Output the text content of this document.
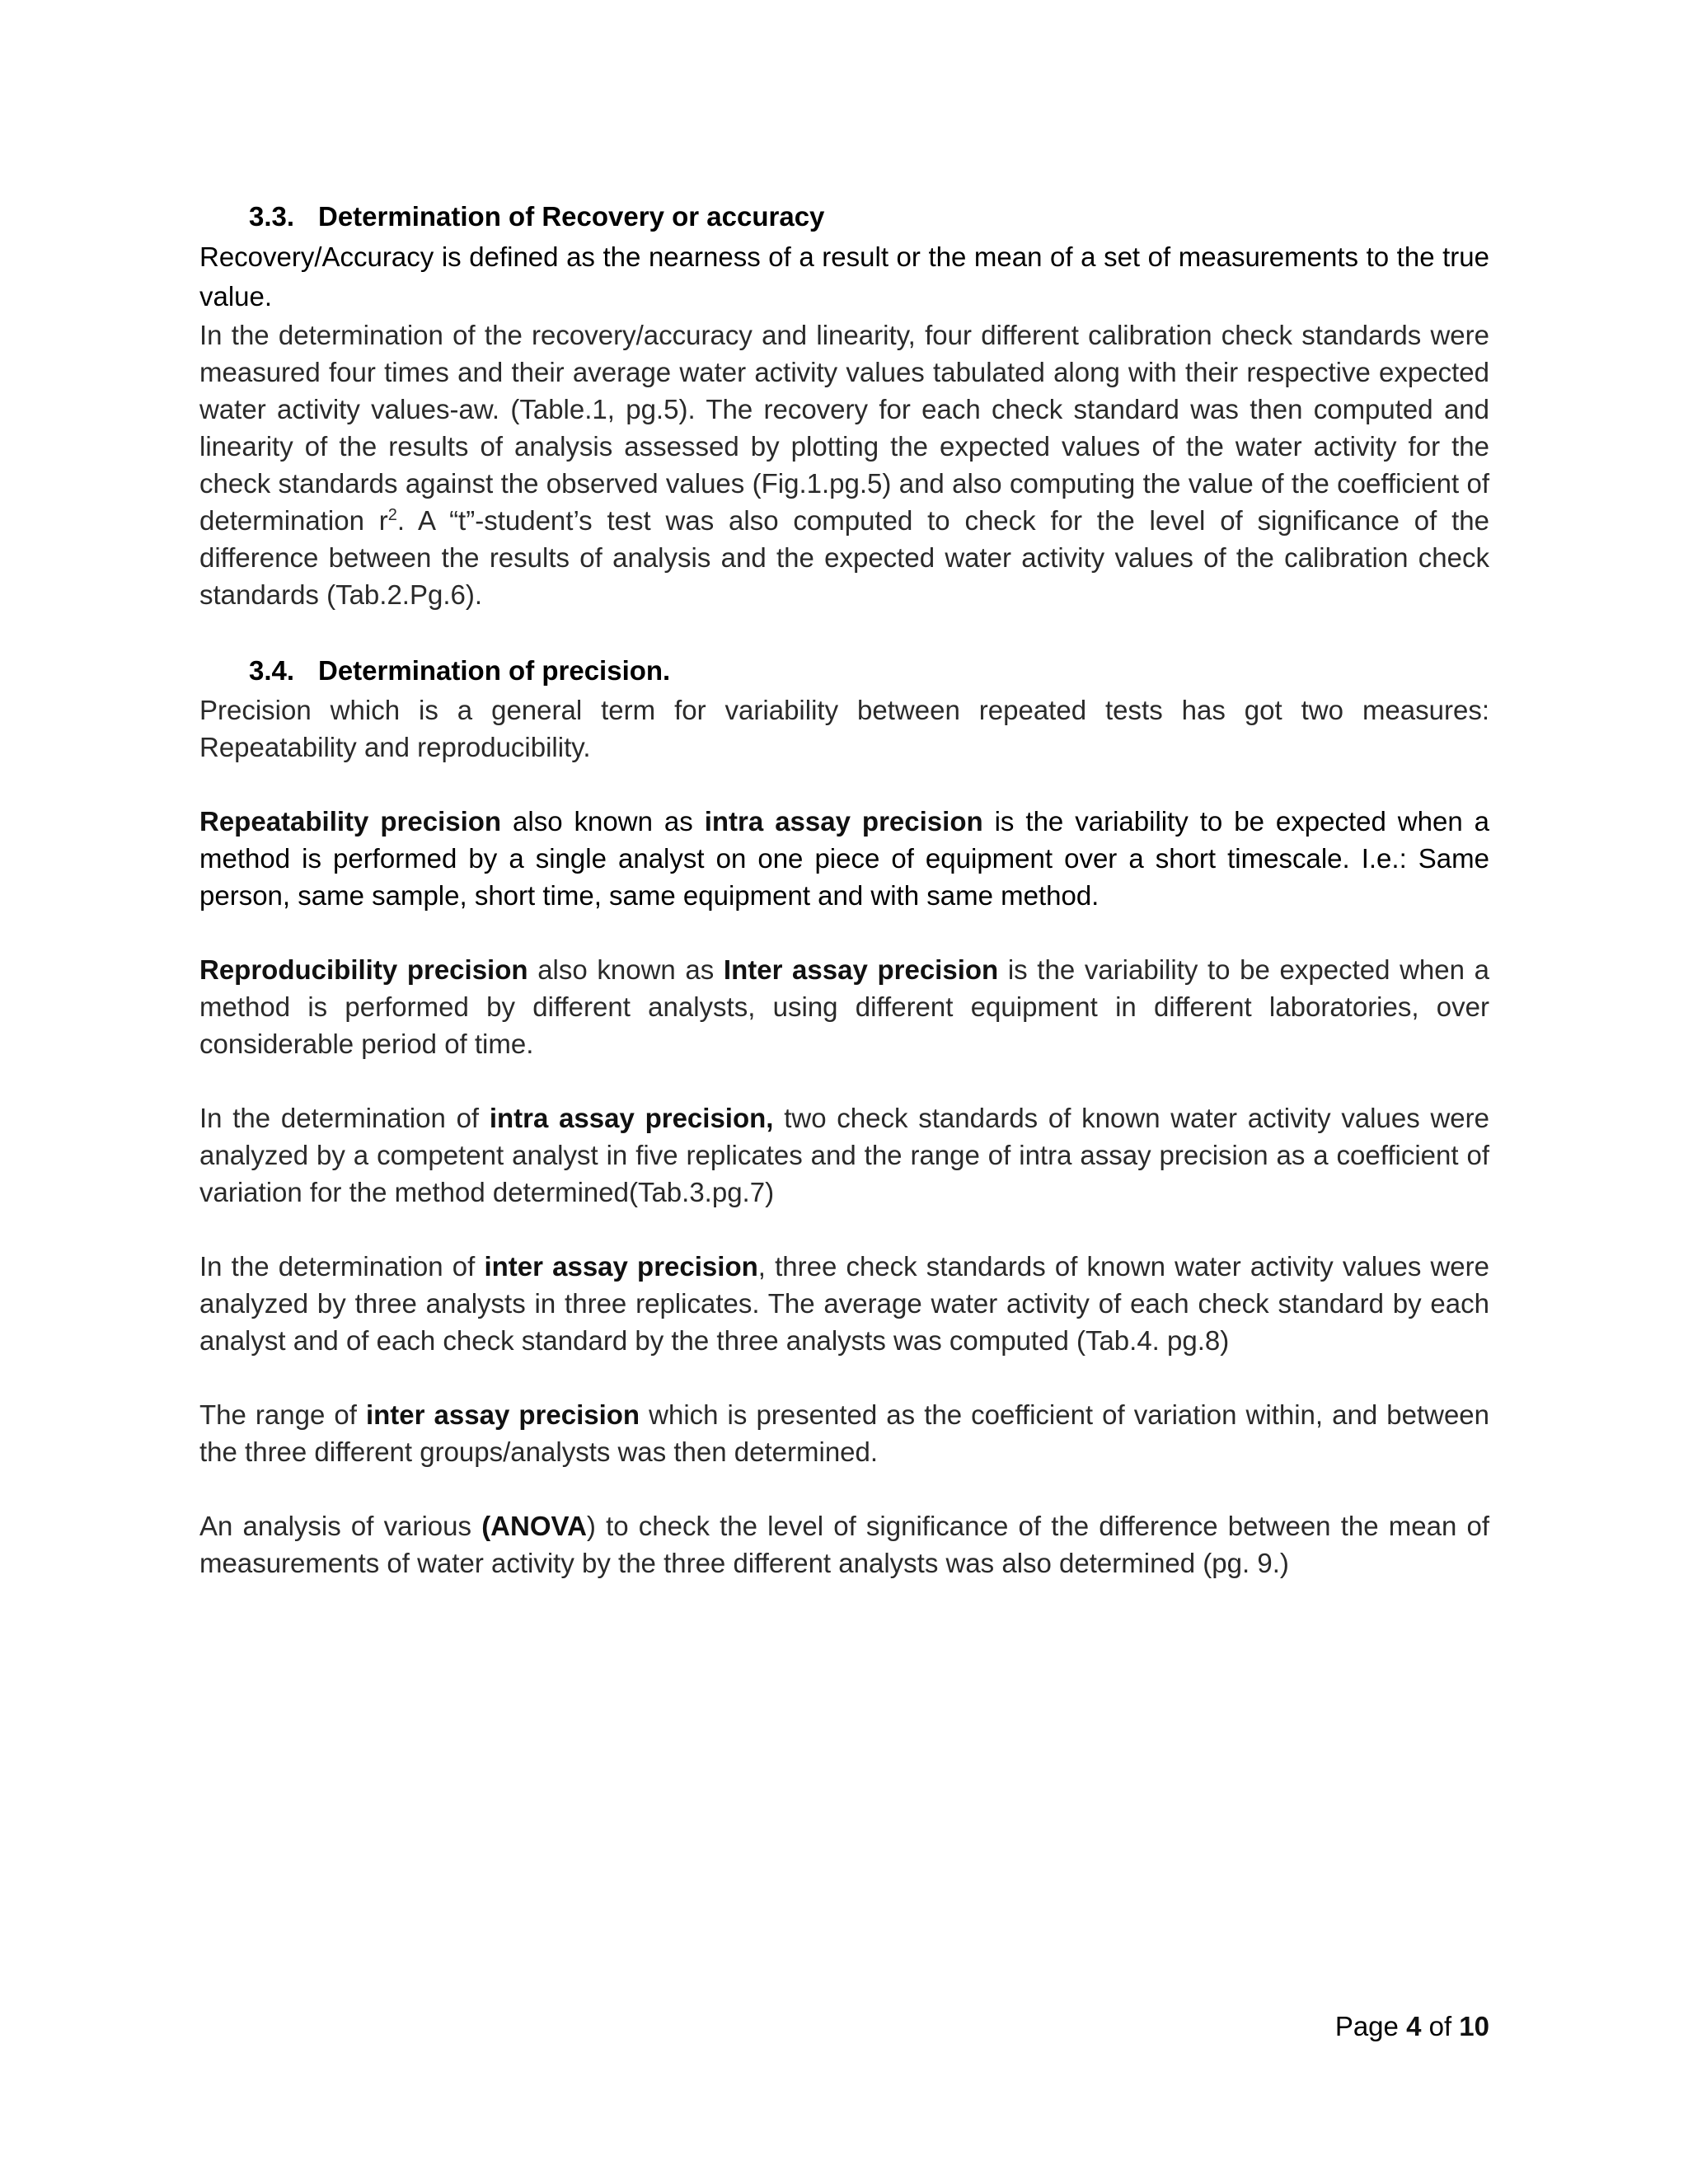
3.3. Determination of Recovery or accuracy

Recovery/Accuracy is defined as the nearness of a result or the mean of a set of measurements to the true value.

In the determination of the recovery/accuracy and linearity, four different calibration check standards were measured four times and their average water activity values tabulated along with their respective expected water activity values-aw. (Table.1, pg.5). The recovery for each check standard was then computed and linearity of the results of analysis assessed by plotting the expected values of the water activity for the check standards against the observed values (Fig.1.pg.5) and also computing the value of the coefficient of determination $r^2$. A “t”-student’s test was also computed to check for the level of significance of the difference between the results of analysis and the expected water activity values of the calibration check standards (Tab.2.Pg.6).

3.4. Determination of precision.

Precision which is a general term for variability between repeated tests has got two measures: Repeatability and reproducibility.

Repeatability precision also known as intra assay precision is the variability to be expected when a method is performed by a single analyst on one piece of equipment over a short timescale. I.e.: Same person, same sample, short time, same equipment and with same method.

Reproducibility precision also known as Inter assay precision is the variability to be expected when a method is performed by different analysts, using different equipment in different laboratories, over considerable period of time.

In the determination of intra assay precision, two check standards of known water activity values were analyzed by a competent analyst in five replicates and the range of intra assay precision as a coefficient of variation for the method determined(Tab.3.pg.7)

In the determination of inter assay precision, three check standards of known water activity values were analyzed by three analysts in three replicates. The average water activity of each check standard by each analyst and of each check standard by the three analysts was computed (Tab.4. pg.8)

The range of inter assay precision which is presented as the coefficient of variation within, and between the three different groups/analysts was then determined.

An analysis of various (ANOVA) to check the level of significance of the difference between the mean of measurements of water activity by the three different analysts was also determined (pg. 9.)

Page 4 of 10
